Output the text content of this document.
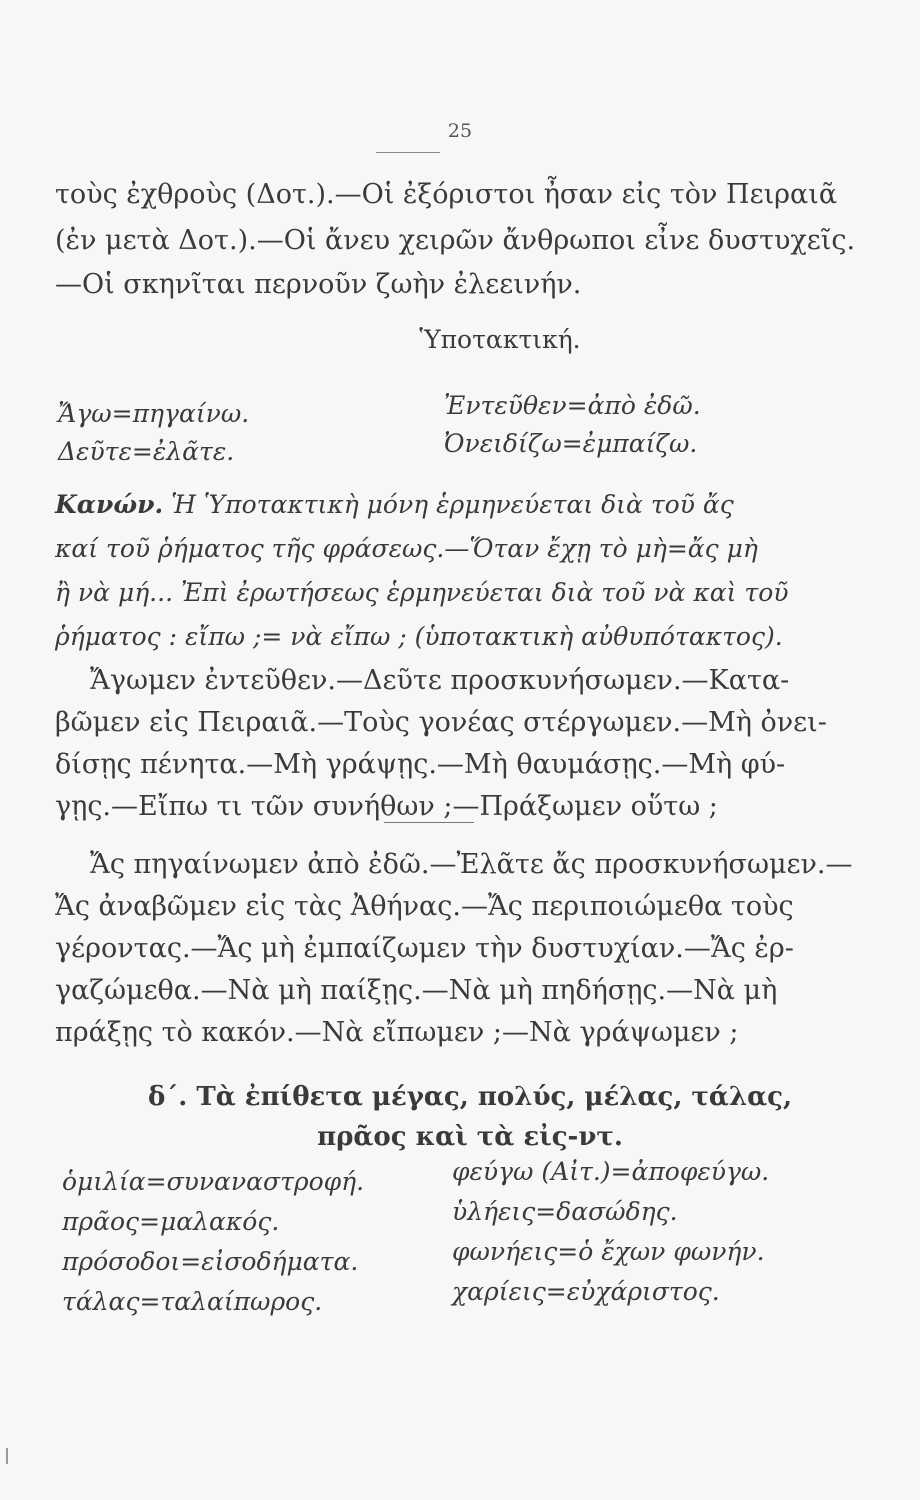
25
τοὺς ἐχθροὺς (Δοτ.).—Οἱ ἐξόριστοι ἦσαν εἰς τὸν Πειραιᾶ
(ἐν μετὰ Δοτ.).—Οἱ ἄνευ χειρῶν ἄνθρωποι εἶνε δυστυχεῖς.
—Οἱ σκηνῖται περνοῦν ζωὴν ἐλεεινήν.
Ὑποτακτική.
Ἄγω=πηγαίνω.
Δεῦτε=ἐλᾶτε.
Ἐντεῦθεν=ἀπὸ ἐδῶ.
Ὀνειδίζω=ἐμπαίζω.
Κανών. Ἡ Ὑποτακτικὴ μόνη ἑρμηνεύεται διὰ τοῦ ἄς
καί τοῦ ῥήματος τῆς φράσεως.—Ὅταν ἔχῃ τὸ μὴ=ἄς μὴ
ἢ νὰ μή... Ἐπὶ ἐρωτήσεως ἑρμηνεύεται διὰ τοῦ νὰ καὶ τοῦ
ῥήματος : εἴπω ;= νὰ εἴπω ; (ὑποτακτικὴ αὐθυπότακτος).
Ἄγωμεν ἐντεῦθεν.—Δεῦτε προσκυνήσωμεν.—Κατα-
βῶμεν εἰς Πειραιᾶ.—Τοὺς γονέας στέργωμεν.—Μὴ ὀνει-
δίσῃς πένητα.—Μὴ γράψῃς.—Μὴ θαυμάσῃς.—Μὴ φύ-
γῃς.—Εἴπω τι τῶν συνήθων ;—Πράξωμεν οὕτω ;
Ἄς πηγαίνωμεν ἀπὸ ἐδῶ.—Ἐλᾶτε ἄς προσκυνήσωμεν.—
Ἄς ἀναβῶμεν εἰς τὰς Ἀθήνας.—Ἄς περιποιώμεθα τοὺς
γέροντας.—Ἄς μὴ ἐμπαίζωμεν τὴν δυστυχίαν.—Ἄς ἐρ-
γαζώμεθα.—Νὰ μὴ παίξῃς.—Νὰ μὴ πηδήσῃς.—Νὰ μὴ
πράξῃς τὸ κακόν.—Νὰ εἴπωμεν ;—Νὰ γράψωμεν ;
δ΄. Τὰ ἐπίθετα μέγας, πολύς, μέλας, τάλας,
πρᾶος καὶ τὰ εἰς-ντ.
ὁμιλία=συναναστροφή.
πρᾶος=μαλακός.
πρόσοδοι=εἰσοδήματα.
τάλας=ταλαίπωρος.
φεύγω (Αἰτ.)=ἀποφεύγω.
ὑλήεις=δασώδης.
φωνήεις=ὁ ἔχων φωνήν.
χαρίεις=εὐχάριστος.
